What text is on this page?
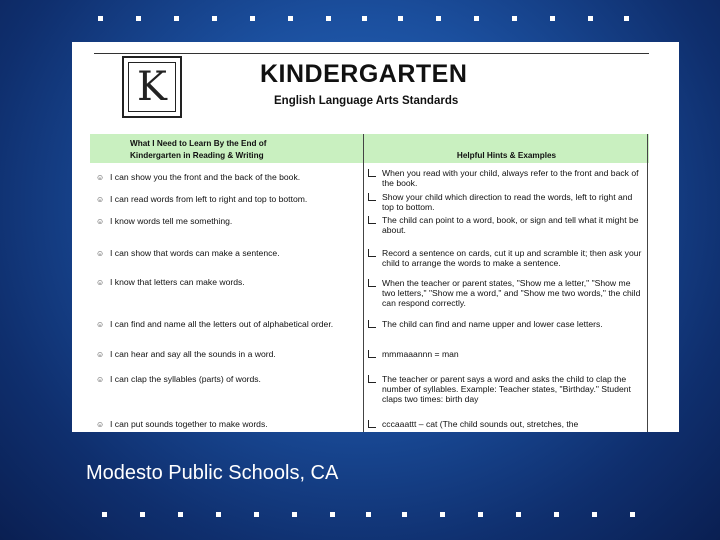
K	KINDERGARTEN
English Language Arts Standards
What I Need to Learn By the End of
Kindergarten in Reading & Writing	Helpful Hints & Examples
☺ I can show you the front and the back of the book.	When you read with your child, always refer to the front and back of the book.
☺ I can read words from left to right and top to bottom.	Show your child which direction to read the words, left to right and top to bottom.
☺ I know words tell me something.	The child can point to a word, book, or sign and tell what it might be about.
☺ I can show that words can make a sentence.	Record a sentence on cards, cut it up and scramble it; then ask your child to arrange the words to make a sentence.
☺ I know that letters can make words.	When the teacher or parent states, "Show me a letter," "Show me two letters," "Show me a word," and "Show me two words," the child can respond correctly.
☺ I can find and name all the letters out of alphabetical order.	The child can find and name upper and lower case letters.
☺ I can hear and say all the sounds in a word.	mmmaaannn = man
☺ I can clap the syllables (parts) of words.	The teacher or parent says a word and asks the child to clap the number of syllables. Example: Teacher states, "Birthday." Student claps two times: birth day
☺ I can put sounds together to make words.	cccaaattt – cat (The child sounds out, stretches, the
Modesto Public Schools, CA
